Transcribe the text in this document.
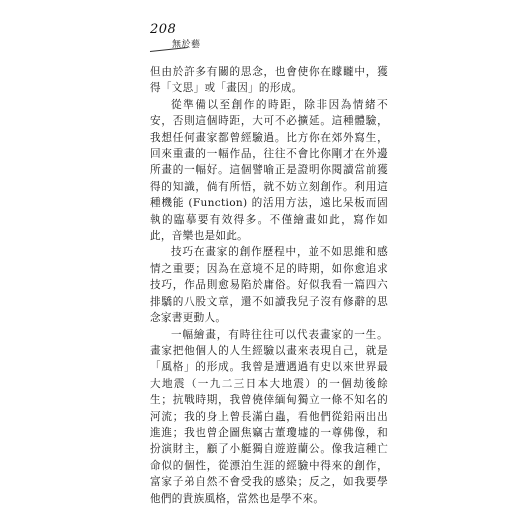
208
無於藝

但由於許多有關的思念，也會使你在矇矓中，獲得「文思」或「畫因」的形成。

從準備以至創作的時距，除非因為情緒不安，否則這個時距，大可不必擴延。這種體驗，我想任何畫家都曾經驗過。比方你在郊外寫生，回來重畫的一幅作品，往往不會比你剛才在外邊所畫的一幅好。這個譬喻正是證明你閱讀當前獲得的知識，倘有所悟，就不妨立刻創作。利用這種機能 (Function) 的活用方法，遠比呆板而固執的臨摹要有效得多。不僅繪畫如此，寫作如此，音樂也是如此。

技巧在畫家的創作歷程中，並不如思維和感情之重要；因為在意境不足的時期，如你愈追求技巧，作品則愈易陷於庸俗。好似我看一篇四六排驕的八股文章，還不如讀我兒子沒有修辭的思念家書更動人。

一幅繪畫，有時往往可以代表畫家的一生。畫家把他個人的人生經驗以畫來表現自己，就是「風格」的形成。我曾是遭遇過有史以來世界最大地震（一九二三日本大地震）的一個劫後餘生；抗戰時期，我曾僥倖緬甸獨立一條不知名的河流；我的身上曾長滿白蟲，看他們從鉛兩出出進進；我也曾企圖焦竊古董瓊墟的一尊佛像，和扮演財主，顧了小艇獨自遊遊蘭公。像我這種亡命似的個性，從漂泊生涯的經驗中得來的創作，富家子弟自然不會受我的感染；反之，如我要學他們的貴族風格，當然也是學不來。
